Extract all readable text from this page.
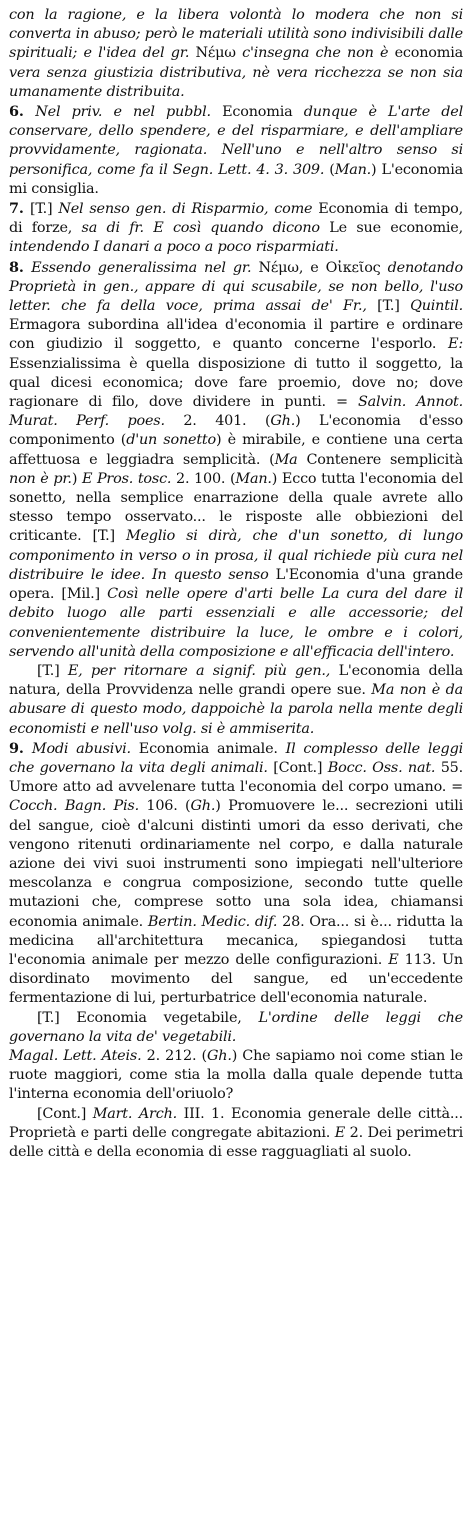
con la ragione, e la libera volontà lo modera che non si converta in abuso; però le materiali utilità sono indivisibili dalle spirituali; e l'idea del gr. Νέμω c'insegna che non è economia vera senza giustizia distributiva, nè vera ricchezza se non sia umanamente distribuita.

6. Nel priv. e nel pubbl. Economia dunque è L'arte del conservare, dello spendere, e del risparmiare, e dell'ampliare provvidamente, ragionata. Nell'uno e nell'altro senso si personifica, come fa il Segn. Lett. 4. 3. 309. (Man.) L'economia mi consiglia.

7. [T.] Nel senso gen. di Risparmio, come Economia di tempo, di forze, sa di fr. E così quando dicono Le sue economie, intendendo I danari a poco a poco risparmiati.

8. Essendo generalissima nel gr. Νέμω, e Οἰκεῖος denotando Proprietà in gen., appare di qui scusabile, se non bello, l'uso letter. che fa della voce, prima assai de' Fr., [T.] Quintil. Ermagora subordina all'idea d'economia il partire e ordinare con giudizio il soggetto, e quanto concerne l'esporlo. E: Essenzialissima è quella disposizione di tutto il soggetto, la qual dicesi economica; dove fare proemio, dove no; dove ragionare di filo, dove dividere in punti. = Salvin. Annot. Murat. Perf. poes. 2. 401. (Gh.) L'economia d'esso componimento (d'un sonetto) è mirabile, e contiene una certa affettuosa e leggiadra semplicità. (Ma Contenere semplicità non è pr.) E Pros. tosc. 2. 100. (Man.) Ecco tutta l'economia del sonetto, nella semplice enarrazione della quale avrete allo stesso tempo osservato... le risposte alle obbiezioni del criticante. [T.] Meglio si dirà, che d'un sonetto, di lungo componimento in verso o in prosa, il qual richiede più cura nel distribuire le idee. In questo senso L'Economia d'una grande opera. [Mil.] Così nelle opere d'arti belle La cura del dare il debito luogo alle parti essenziali e alle accessorie; del convenientemente distribuire la luce, le ombre e i colori, servendo all'unità della composizione e all'efficacia dell'intero.

[T.] E, per ritornare a signif. più gen., L'economia della natura, della Provvidenza nelle grandi opere sue. Ma non è da abusare di questo modo, dappoichè la parola nella mente degli economisti e nell'uso volg. si è ammiserita.

9. Modi abusivi. Economia animale. Il complesso delle leggi che governano la vita degli animali. [Cont.] Bocc. Oss. nat. 55. Umore atto ad avvelenare tutta l'economia del corpo umano. = Cocch. Bagn. Pis. 106. (Gh.) Promuovere le... secrezioni utili del sangue, cioè d'alcuni distinti umori da esso derivati, che vengono ritenuti ordinariamente nel corpo, e dalla naturale azione dei vivi suoi instrumenti sono impiegati nell'ulteriore mescolanza e congrua composizione, secondo tutte quelle mutazioni che, comprese sotto una sola idea, chiamansi economia animale. Bertin. Medic. dif. 28. Ora... si è... ridutta la medicina all'architettura mecanica, spiegandosi tutta l'economia animale per mezzo delle configurazioni. E 113. Un disordinato movimento del sangue, ed un'eccedente fermentazione di lui, perturbatrice dell'economia naturale.

[T.] Economia vegetabile, L'ordine delle leggi che governano la vita de' vegetabili.

Magal. Lett. Ateis. 2. 212. (Gh.) Che sapiamo noi come stian le ruote maggiori, come stia la molla dalla quale depende tutta l'interna economia dell'oriuolo?

[Cont.] Mart. Arch. III. 1. Economia generale delle città... Proprietà e parti delle congregate abitazioni. E 2. Dei perimetri delle città e della economia di esse ragguagliati al suolo.
